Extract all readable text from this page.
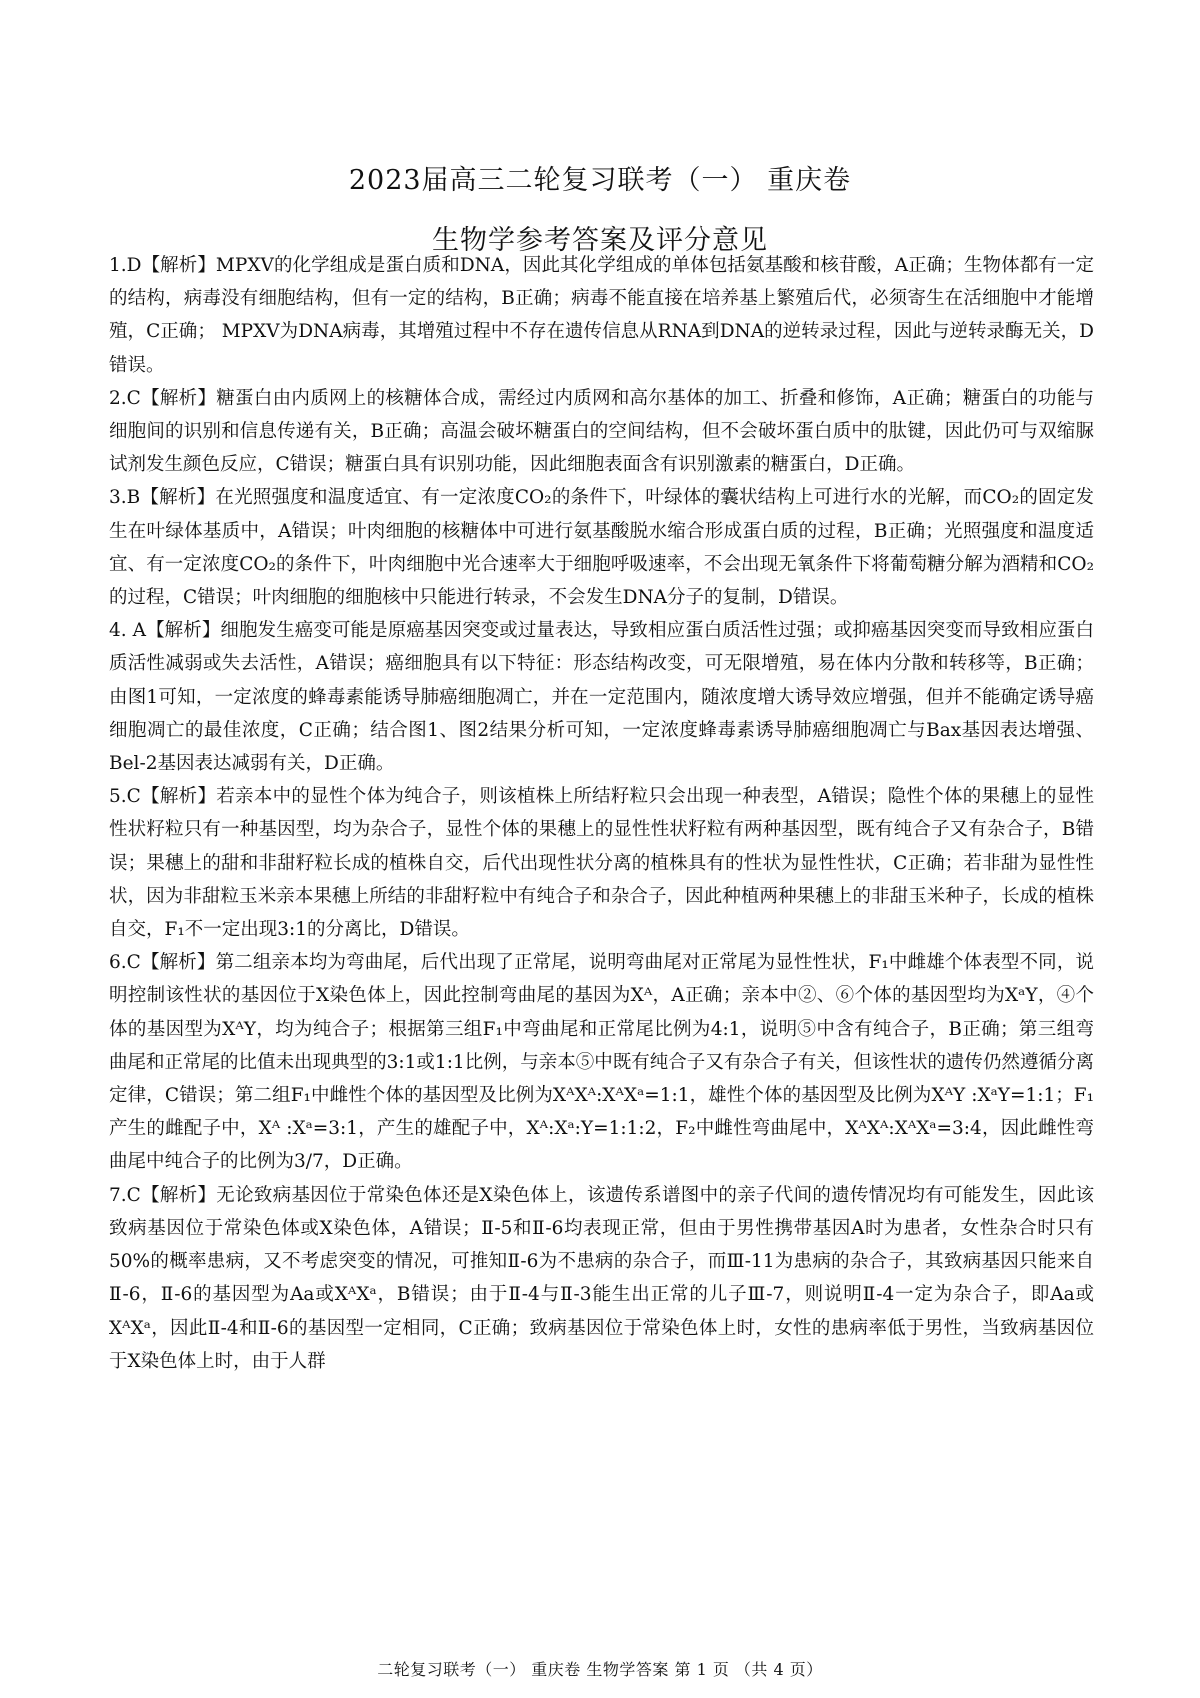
2023届高三二轮复习联考（一） 重庆卷
生物学参考答案及评分意见

1.D【解析】MPXV的化学组成是蛋白质和DNA，因此其化学组成的单体包括氨基酸和核苷酸，A正确；生物体都有一定的结构，病毒没有细胞结构，但有一定的结构，B正确；病毒不能直接在培养基上繁殖后代，必须寄生在活细胞中才能增殖，C正确； MPXV为DNA病毒，其增殖过程中不存在遗传信息从RNA到DNA的逆转录过程，因此与逆转录酶无关，D错误。

2.C【解析】糖蛋白由内质网上的核糖体合成，需经过内质网和高尔基体的加工、折叠和修饰，A正确；糖蛋白的功能与细胞间的识别和信息传递有关，B正确；高温会破坏糖蛋白的空间结构，但不会破坏蛋白质中的肽键，因此仍可与双缩脲试剂发生颜色反应，C错误；糖蛋白具有识别功能，因此细胞表面含有识别激素的糖蛋白，D正确。

3.B【解析】在光照强度和温度适宜、有一定浓度CO₂的条件下，叶绿体的囊状结构上可进行水的光解，而CO₂的固定发生在叶绿体基质中，A错误；叶肉细胞的核糖体中可进行氨基酸脱水缩合形成蛋白质的过程，B正确；光照强度和温度适宜、有一定浓度CO₂的条件下，叶肉细胞中光合速率大于细胞呼吸速率，不会出现无氧条件下将葡萄糖分解为酒精和CO₂的过程，C错误；叶肉细胞的细胞核中只能进行转录，不会发生DNA分子的复制，D错误。

4. A【解析】细胞发生癌变可能是原癌基因突变或过量表达，导致相应蛋白质活性过强；或抑癌基因突变而导致相应蛋白质活性减弱或失去活性，A错误；癌细胞具有以下特征：形态结构改变，可无限增殖，易在体内分散和转移等，B正确；由图1可知，一定浓度的蜂毒素能诱导肺癌细胞凋亡，并在一定范围内，随浓度增大诱导效应增强，但并不能确定诱导癌细胞凋亡的最佳浓度，C正确；结合图1、图2结果分析可知，一定浓度蜂毒素诱导肺癌细胞凋亡与Bax基因表达增强、Bel-2基因表达减弱有关，D正确。

5.C【解析】若亲本中的显性个体为纯合子，则该植株上所结籽粒只会出现一种表型，A错误；隐性个体的果穗上的显性性状籽粒只有一种基因型，均为杂合子，显性个体的果穗上的显性性状籽粒有两种基因型，既有纯合子又有杂合子，B错误；果穗上的甜和非甜籽粒长成的植株自交，后代出现性状分离的植株具有的性状为显性性状，C正确；若非甜为显性性状，因为非甜粒玉米亲本果穗上所结的非甜籽粒中有纯合子和杂合子，因此种植两种果穗上的非甜玉米种子，长成的植株自交，F₁不一定出现3:1的分离比，D错误。

6.C【解析】第二组亲本均为弯曲尾，后代出现了正常尾，说明弯曲尾对正常尾为显性性状，F₁中雌雄个体表型不同，说明控制该性状的基因位于X染色体上，因此控制弯曲尾的基因为Xᴬ，A正确；亲本中②、⑥个体的基因型均为XᵃY，④个体的基因型为XᴬY，均为纯合子；根据第三组F₁中弯曲尾和正常尾比例为4:1，说明⑤中含有纯合子，B正确；第三组弯曲尾和正常尾的比值未出现典型的3:1或1:1比例，与亲本⑤中既有纯合子又有杂合子有关，但该性状的遗传仍然遵循分离定律，C错误；第二组F₁中雌性个体的基因型及比例为XᴬXᴬ:XᴬXᵃ=1:1，雄性个体的基因型及比例为XᴬY :XᵃY=1:1；F₁产生的雌配子中，Xᴬ :Xᵃ=3:1，产生的雄配子中，Xᴬ:Xᵃ:Y=1:1:2，F₂中雌性弯曲尾中，XᴬXᴬ:XᴬXᵃ=3:4，因此雌性弯曲尾中纯合子的比例为3/7，D正确。

7.C【解析】无论致病基因位于常染色体还是X染色体上，该遗传系谱图中的亲子代间的遗传情况均有可能发生，因此该致病基因位于常染色体或X染色体，A错误；Ⅱ-5和Ⅱ-6均表现正常，但由于男性携带基因A时为患者，女性杂合时只有50%的概率患病，又不考虑突变的情况，可推知Ⅱ-6为不患病的杂合子，而Ⅲ-11为患病的杂合子，其致病基因只能来自Ⅱ-6，Ⅱ-6的基因型为Aa或XᴬXᵃ，B错误；由于Ⅱ-4与Ⅱ-3能生出正常的儿子Ⅲ-7，则说明Ⅱ-4一定为杂合子，即Aa或XᴬXᵃ，因此Ⅱ-4和Ⅱ-6的基因型一定相同，C正确；致病基因位于常染色体上时，女性的患病率低于男性，当致病基因位于X染色体上时，由于人群

二轮复习联考（一） 重庆卷 生物学答案 第 1 页 （共 4 页）
